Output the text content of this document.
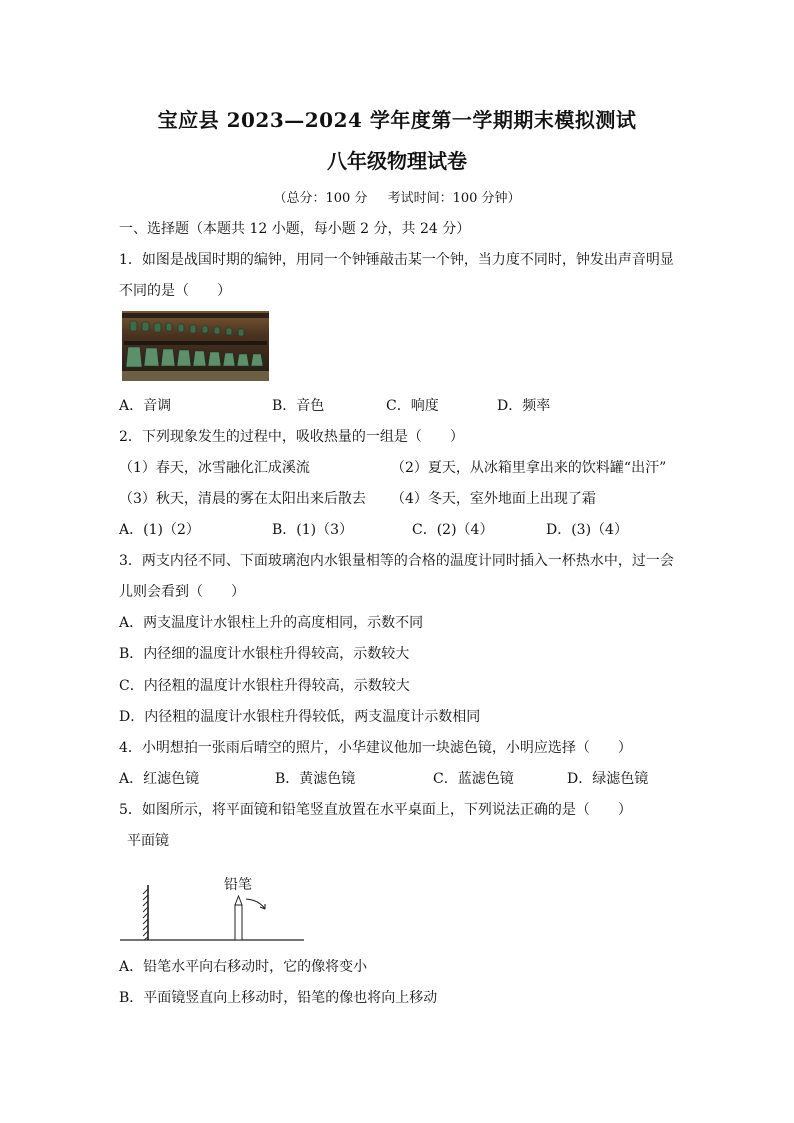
宝应县 2023—2024 学年度第一学期期末模拟测试
八年级物理试卷
（总分：100 分 考试时间：100 分钟）
一、选择题（本题共 12 小题，每小题 2 分，共 24 分）
1．如图是战国时期的编钟，用同一个钟锤敲击某一个钟，当力度不同时，钟发出声音明显
不同的是（　　）
A．音调	B．音色	C．响度	D．频率
2．下列现象发生的过程中，吸收热量的一组是（　　）
（1）春天，冰雪融化汇成溪流	（2）夏天，从冰箱里拿出来的饮料罐“出汗”
（3）秋天，清晨的雾在太阳出来后散去 （4）冬天，室外地面上出现了霜
A．(1)（2）	B．(1)（3）	C．(2)（4）	D．(3)（4）
3．两支内径不同、下面玻璃泡内水银量相等的合格的温度计同时插入一杯热水中，过一会
儿则会看到（　　）
A．两支温度计水银柱上升的高度相同，示数不同
B．内径细的温度计水银柱升得较高，示数较大
C．内径粗的温度计水银柱升得较高，示数较大
D．内径粗的温度计水银柱升得较低，两支温度计示数相同
4．小明想拍一张雨后晴空的照片，小华建议他加一块滤色镜，小明应选择（　　）
A．红滤色镜	B．黄滤色镜	C．蓝滤色镜	D．绿滤色镜
5．如图所示，将平面镜和铅笔竖直放置在水平桌面上，下列说法正确的是（　　）
平面镜
铅笔
A．铅笔水平向右移动时，它的像将变小
B．平面镜竖直向上移动时，铅笔的像也将向上移动
